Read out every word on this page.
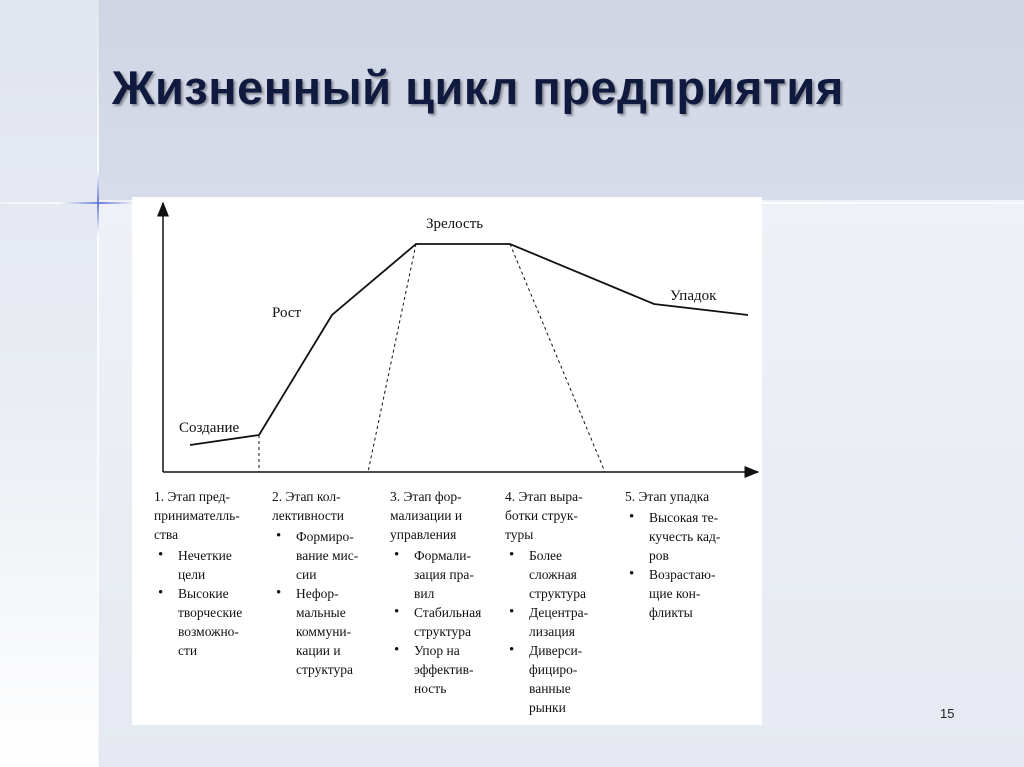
Жизненный цикл предприятия
Создание
Рост
Зрелость
Упадок
1. Этап пред-
принимателль-
ства
• Нечеткие
цели
• Высокие
творческие
возможно-
сти
2. Этап кол-
лективности
• Формиро-
вание мис-
сии
• Нефор-
мальные
коммуни-
кации и
структура
3. Этап фор-
мализации и
управления
• Формали-
зация пра-
вил
• Стабильная
структура
• Упор на
эффектив-
ность
4. Этап выра-
ботки струк-
туры
• Более
сложная
структура
• Децентра-
лизация
• Диверси-
фициро-
ванные
рынки
5. Этап упадка
• Высокая те-
кучесть кад-
ров
• Возрастаю-
щие кон-
фликты
15
